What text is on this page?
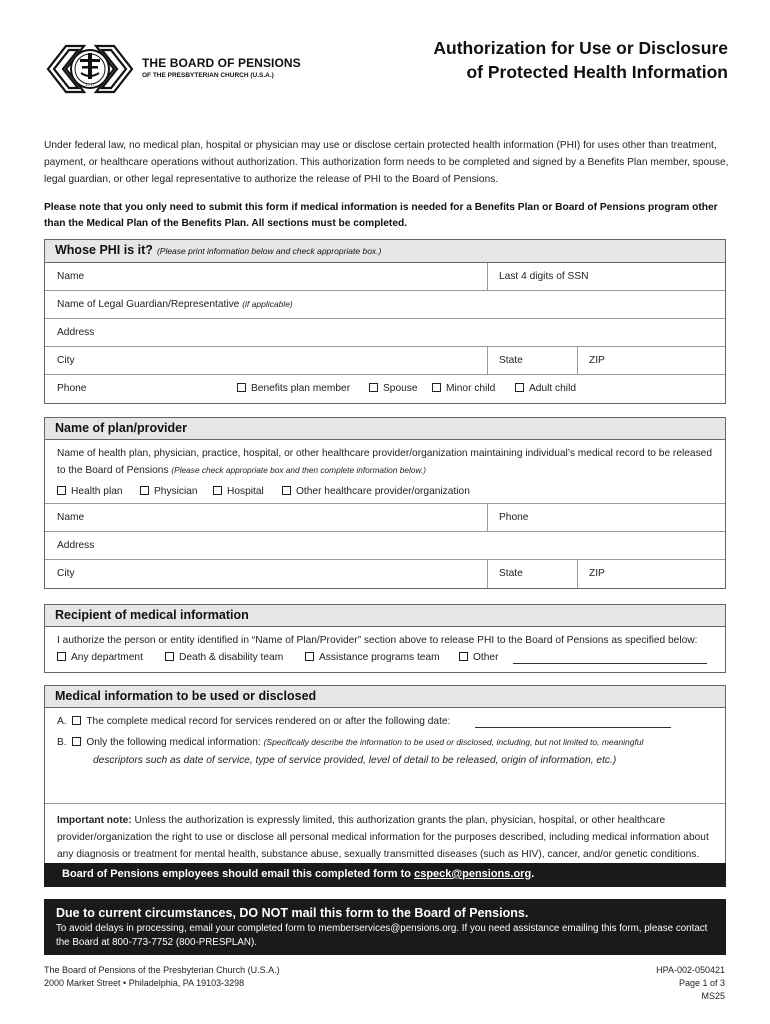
1717
THE BOARD OF PENSIONS
OF THE PRESBYTERIAN CHURCH (U.S.A.)
Authorization for Use or Disclosure
of Protected Health Information
Under federal law, no medical plan, hospital or physician may use or disclose certain protected health information (PHI) for uses other than treatment, payment, or healthcare operations without authorization. This authorization form needs to be completed and signed by a Benefits Plan member, spouse, legal guardian, or other legal representative to authorize the release of PHI to the Board of Pensions.
Please note that you only need to submit this form if medical information is needed for a Benefits Plan or Board of Pensions program other than the Medical Plan of the Benefits Plan. All sections must be completed.
Whose PHI is it? (Please print information below and check appropriate box.)
Name	Last 4 digits of SSN
Name of Legal Guardian/Representative (if applicable)
Address
City	State	ZIP
Phone	Benefits plan member	Spouse	Minor child	Adult child
Name of plan/provider
Name of health plan, physician, practice, hospital, or other healthcare provider/organization maintaining individual’s medical record to be released to the Board of Pensions (Please check appropriate box and then complete information below.)
Health plan	Physician	Hospital	Other healthcare provider/organization
Name	Phone
Address
City	State	ZIP
Recipient of medical information
I authorize the person or entity identified in “Name of Plan/Provider” section above to release PHI to the Board of Pensions as specified below:
Any department	Death & disability team	Assistance programs team	Other
Medical information to be used or disclosed
A. The complete medical record for services rendered on or after the following date:
B. Only the following medical information: (Specifically describe the information to be used or disclosed, including, but not limited to, meaningful
descriptors such as date of service, type of service provided, level of detail to be released, origin of information, etc.)
Important note: Unless the authorization is expressly limited, this authorization grants the plan, physician, hospital, or other healthcare provider/organization the right to use or disclose all personal medical information for the purposes described, including medical information about any diagnosis or treatment for mental health, substance abuse, sexually transmitted diseases (such as HIV), cancer, and/or genetic conditions.
Board of Pensions employees should email this completed form to cspeck@pensions.org.
Due to current circumstances, DO NOT mail this form to the Board of Pensions.
To avoid delays in processing, email your completed form to memberservices@pensions.org. If you need assistance emailing this form, please contact the Board at 800-773-7752 (800-PRESPLAN).
The Board of Pensions of the Presbyterian Church (U.S.A.)
2000 Market Street • Philadelphia, PA 19103-3298
HPA-002-050421
Page 1 of 3
MS25
